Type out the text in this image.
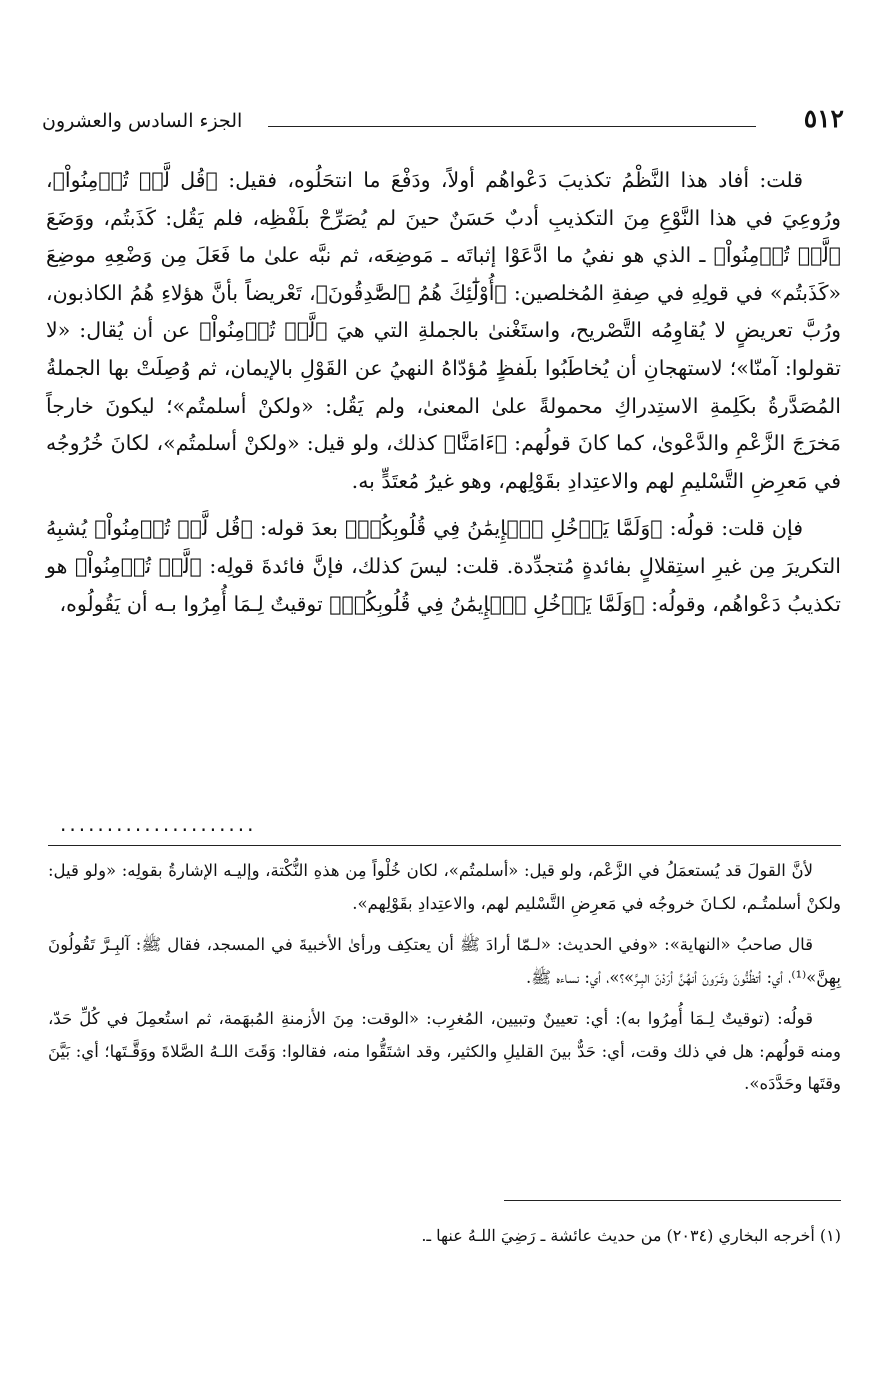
٥١٢
الجزء السادس والعشرون

قلت: أفاد هذا النَّظْمُ تكذيبَ دَعْواهُم أولاً، ودَفْعَ ما انتحَلُوه، فقيل: ﴿قُل لَّمۡ تُؤۡمِنُواْ﴾، ورُوعِيَ في هذا النَّوْعِ مِنَ التكذيبِ أدبٌ حَسَنٌ حينَ لم يُصَرِّحْ بلَفْظِه، فلم يَقُل: كَذَبتُم، ووَضَعَ ﴿لَّمۡ تُؤۡمِنُواْ﴾ ـ الذي هو نفيُ ما ادَّعَوْا إثباتَه ـ مَوضِعَه، ثم نبَّه علىٰ ما فَعَلَ مِن وَضْعِهِ موضِعَ «كَذَبتُم» في قولِهِ في صِفةِ المُخلصين: ﴿أُوْلَٰٓئِكَ هُمُ ٱلصَّٰدِقُونَ﴾، تَعْريضاً بأنَّ هؤلاءِ هُمُ الكاذبون، ورُبَّ تعريضٍ لا يُقاوِمُه التَّصْريح، واستَغْنىٰ بالجملةِ التي هيَ ﴿لَّمۡ تُؤۡمِنُواْ﴾ عن أن يُقال: «لا تقولوا: آمنّا»؛ لاستهجانِ أن يُخاطَبُوا بلَفظٍ مُؤدّاهُ النهيُ عن القَوْلِ بالإيمان، ثم وُصِلَتْ بها الجملةُ المُصَدَّرةُ بكَلِمةِ الاستِدراكِ محمولةً علىٰ المعنىٰ، ولم يَقُل: «ولكنْ أسلمتُم»؛ ليكونَ خارجاً مَخرَجَ الزَّعْمِ والدَّعْوىٰ، كما كانَ قولُهم: ﴿ءَامَنَّا﴾ كذلك، ولو قيل: «ولكنْ أسلمتُم»، لكانَ خُرُوجُه في مَعرِضِ التَّسْليمِ لهم والاعتِدادِ بقَوْلِهم، وهو غيرُ مُعتَدٍّ به.

فإن قلت: قولُه: ﴿وَلَمَّا يَدۡخُلِ ٱلۡإِيمَٰنُ فِي قُلُوبِكُمۡ﴾ بعدَ قوله: ﴿قُل لَّمۡ تُؤۡمِنُواْ﴾ يُشبِهُ التكريرَ مِن غيرِ استِقلالٍ بفائدةٍ مُتجدِّدة. قلت: ليسَ كذلك، فإنَّ فائدةَ قولِه: ﴿لَّمۡ تُؤۡمِنُواْ﴾ هو تكذيبُ دَعْواهُم، وقولُه: ﴿وَلَمَّا يَدۡخُلِ ٱلۡإِيمَٰنُ فِي قُلُوبِكُمۡ﴾ توقيتٌ لِـمَا أُمِرُوا بـه أن يَقُولُوه،

.....................

لأنَّ القولَ قد يُستعمَلُ في الزَّعْم، ولو قيل: «أسلمتُم»، لكان خُلْواً مِن هذهِ النُّكْتة، وإليـه الإشارةُ بقولِه: «ولو قيل: ولكنْ أسلمتُـم، لكـانَ خروجُه في مَعرِضِ التَّسْليم لهم، والاعتِدادِ بقَوْلِهم».

قال صاحبُ «النهاية»: «وفي الحديث: «لـمّا أرادَ ﷺ أن يعتكِف ورأىٰ الأخبيةَ في المسجد، فقال ﷺ: آلبِـرَّ تَقُولُونَ بِهِنَّ»⁽¹⁾، أي: أتظُنُّونَ وتَـرَونَ أنهُنَّ أرَدْنَ البِـرَّ»؟»، أي: نساءه ﷺ.

قولُه: (توقيتٌ لِـمَا أُمِرُوا به): أي: تعيينٌ وتبيين، المُغرِب: «الوقت: مِنَ الأزمنةِ المُبهَمة، ثم استُعمِلَ في كُلِّ حَدّ، ومنه قولُهم: هل في ذلك وقت، أي: حَدٌّ بينَ القليلِ والكثير، وقد اشتَقُّوا منه، فقالوا: وَقَتَ اللـهُ الصَّلاةَ ووَقَّـتَها؛ أي: بَيَّنَ وقتَها وحَدَّدَه».

(١) أخرجه البخاري (٢٠٣٤) من حديث عائشة ـ رَضِيَ اللـهُ عنها ـ.
